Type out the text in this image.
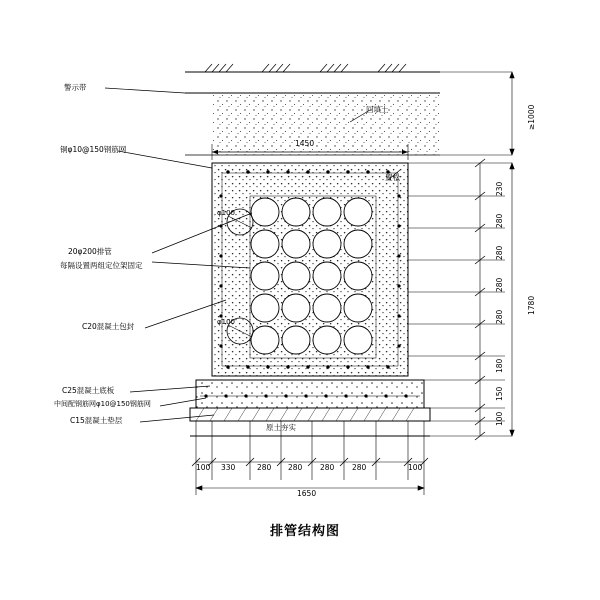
警示带
回填土
铜φ10@150钢筋网
置松
20φ200排管
每隔设置两组定位架固定
C20混凝土包封
C25混凝土底板
中间配钢筋网φ10@150钢筋网
C15混凝土垫层
原土夯实
φ100
φ100
1450
1650
100 330	280 280 280 280	100
230
280
280
280
280
180
150
100
1780
≥1000
排管结构图
